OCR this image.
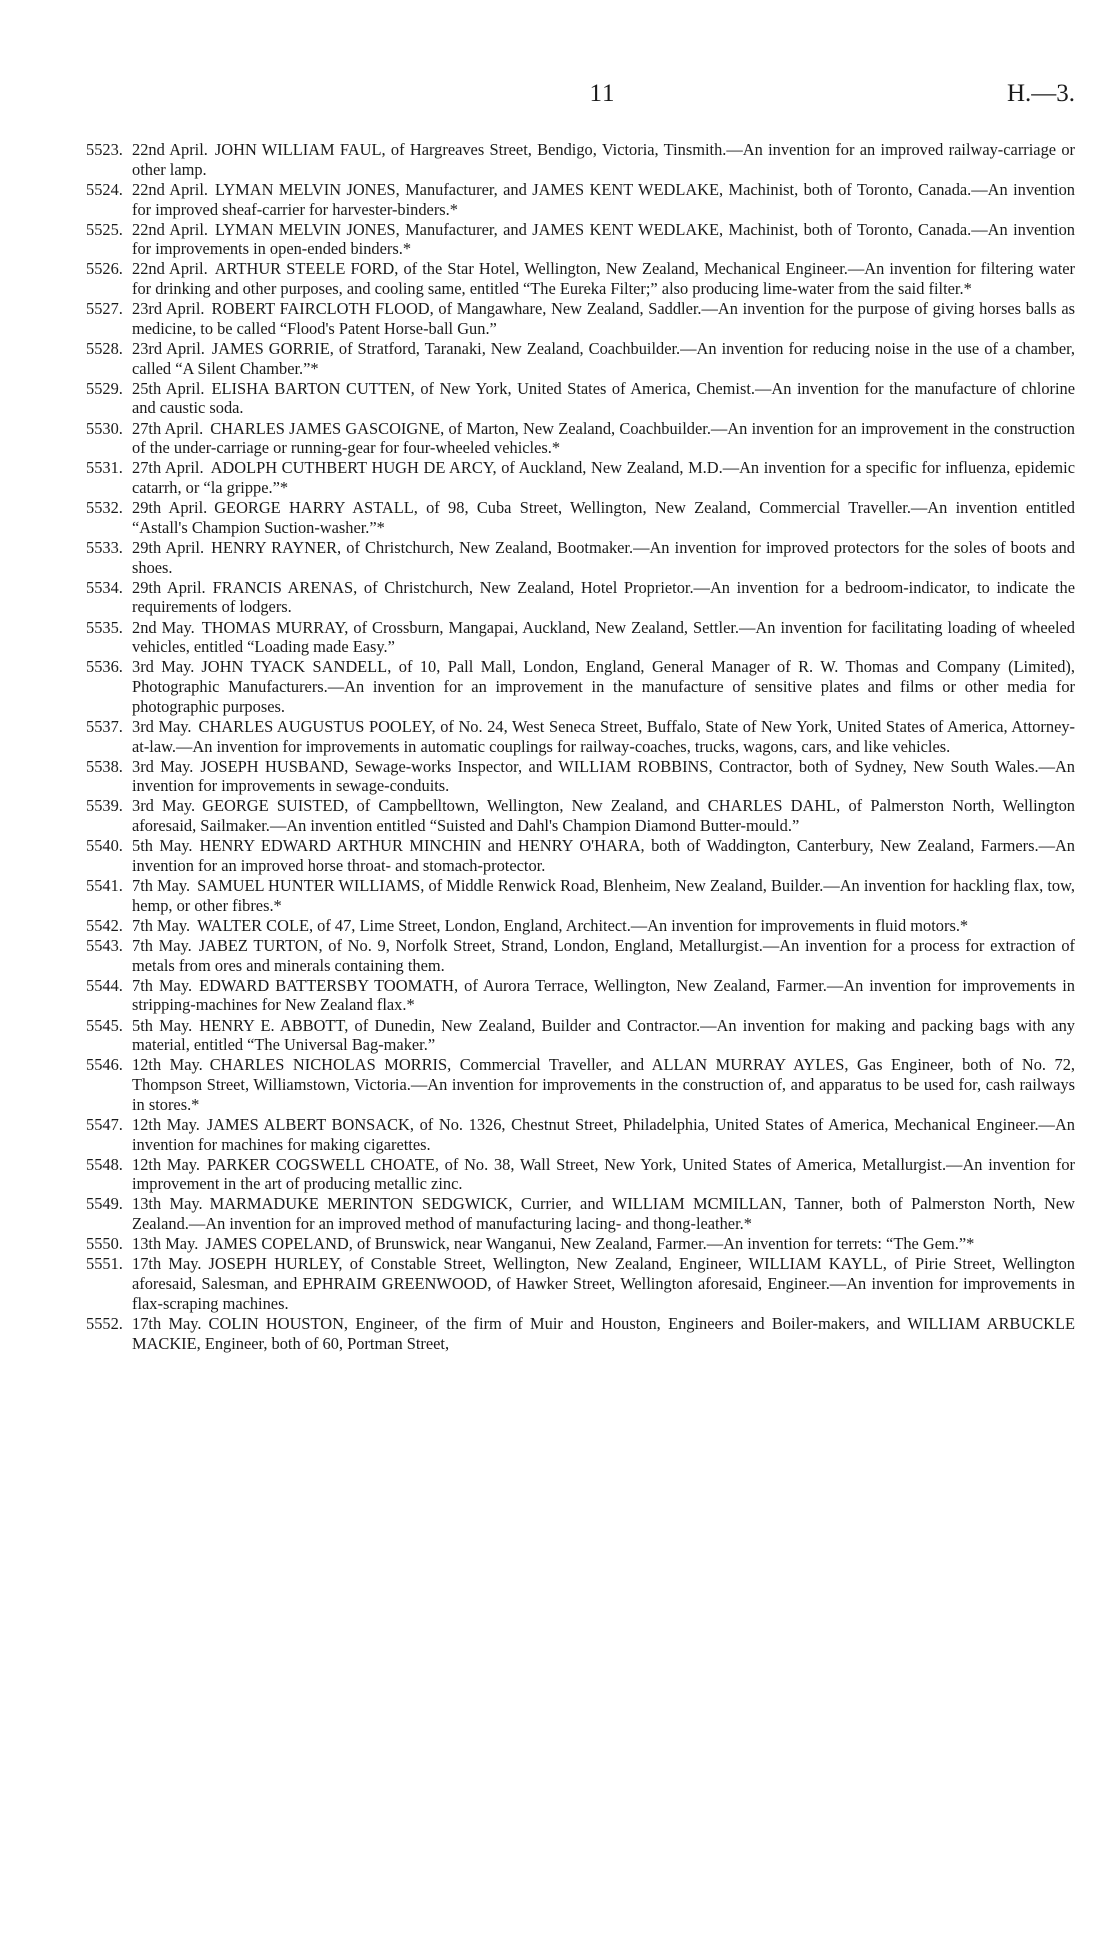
11	H.—3.
5523. 22nd April. JOHN WILLIAM FAUL, of Hargreaves Street, Bendigo, Victoria, Tinsmith.—An invention for an improved railway-carriage or other lamp.
5524. 22nd April. LYMAN MELVIN JONES, Manufacturer, and JAMES KENT WEDLAKE, Machinist, both of Toronto, Canada.—An invention for improved sheaf-carrier for harvester-binders.*
5525. 22nd April. LYMAN MELVIN JONES, Manufacturer, and JAMES KENT WEDLAKE, Machinist, both of Toronto, Canada.—An invention for improvements in open-ended binders.*
5526. 22nd April. ARTHUR STEELE FORD, of the Star Hotel, Wellington, New Zealand, Mechanical Engineer.—An invention for filtering water for drinking and other purposes, and cooling same, entitled “The Eureka Filter;” also producing lime-water from the said filter.*
5527. 23rd April. ROBERT FAIRCLOTH FLOOD, of Mangawhare, New Zealand, Saddler.—An invention for the purpose of giving horses balls as medicine, to be called “Flood's Patent Horse-ball Gun.”
5528. 23rd April. JAMES GORRIE, of Stratford, Taranaki, New Zealand, Coachbuilder.—An invention for reducing noise in the use of a chamber, called “A Silent Chamber.”*
5529. 25th April. ELISHA BARTON CUTTEN, of New York, United States of America, Chemist.—An invention for the manufacture of chlorine and caustic soda.
5530. 27th April. CHARLES JAMES GASCOIGNE, of Marton, New Zealand, Coachbuilder.—An invention for an improvement in the construction of the under-carriage or running-gear for four-wheeled vehicles.*
5531. 27th April. ADOLPH CUTHBERT HUGH DE ARCY, of Auckland, New Zealand, M.D.—An invention for a specific for influenza, epidemic catarrh, or “la grippe.”*
5532. 29th April. GEORGE HARRY ASTALL, of 98, Cuba Street, Wellington, New Zealand, Commercial Traveller.—An invention entitled “Astall's Champion Suction-washer.”*
5533. 29th April. HENRY RAYNER, of Christchurch, New Zealand, Bootmaker.—An invention for improved protectors for the soles of boots and shoes.
5534. 29th April. FRANCIS ARENAS, of Christchurch, New Zealand, Hotel Proprietor.—An invention for a bedroom-indicator, to indicate the requirements of lodgers.
5535. 2nd May. THOMAS MURRAY, of Crossburn, Mangapai, Auckland, New Zealand, Settler.—An invention for facilitating loading of wheeled vehicles, entitled “Loading made Easy.”
5536. 3rd May. JOHN TYACK SANDELL, of 10, Pall Mall, London, England, General Manager of R. W. Thomas and Company (Limited), Photographic Manufacturers.—An invention for an improvement in the manufacture of sensitive plates and films or other media for photographic purposes.
5537. 3rd May. CHARLES AUGUSTUS POOLEY, of No. 24, West Seneca Street, Buffalo, State of New York, United States of America, Attorney-at-law.—An invention for improvements in automatic couplings for railway-coaches, trucks, wagons, cars, and like vehicles.
5538. 3rd May. JOSEPH HUSBAND, Sewage-works Inspector, and WILLIAM ROBBINS, Contractor, both of Sydney, New South Wales.—An invention for improvements in sewage-conduits.
5539. 3rd May. GEORGE SUISTED, of Campbelltown, Wellington, New Zealand, and CHARLES DAHL, of Palmerston North, Wellington aforesaid, Sailmaker.—An invention entitled “Suisted and Dahl's Champion Diamond Butter-mould.”
5540. 5th May. HENRY EDWARD ARTHUR MINCHIN and HENRY O'HARA, both of Waddington, Canterbury, New Zealand, Farmers.—An invention for an improved horse throat- and stomach-protector.
5541. 7th May. SAMUEL HUNTER WILLIAMS, of Middle Renwick Road, Blenheim, New Zealand, Builder.—An invention for hackling flax, tow, hemp, or other fibres.*
5542. 7th May. WALTER COLE, of 47, Lime Street, London, England, Architect.—An invention for improvements in fluid motors.*
5543. 7th May. JABEZ TURTON, of No. 9, Norfolk Street, Strand, London, England, Metallurgist.—An invention for a process for extraction of metals from ores and minerals containing them.
5544. 7th May. EDWARD BATTERSBY TOOMATH, of Aurora Terrace, Wellington, New Zealand, Farmer.—An invention for improvements in stripping-machines for New Zealand flax.*
5545. 5th May. HENRY E. ABBOTT, of Dunedin, New Zealand, Builder and Contractor.—An invention for making and packing bags with any material, entitled “The Universal Bag-maker.”
5546. 12th May. CHARLES NICHOLAS MORRIS, Commercial Traveller, and ALLAN MURRAY AYLES, Gas Engineer, both of No. 72, Thompson Street, Williamstown, Victoria.—An invention for improvements in the construction of, and apparatus to be used for, cash railways in stores.*
5547. 12th May. JAMES ALBERT BONSACK, of No. 1326, Chestnut Street, Philadelphia, United States of America, Mechanical Engineer.—An invention for machines for making cigarettes.
5548. 12th May. PARKER COGSWELL CHOATE, of No. 38, Wall Street, New York, United States of America, Metallurgist.—An invention for improvement in the art of producing metallic zinc.
5549. 13th May. MARMADUKE MERINTON SEDGWICK, Currier, and WILLIAM MCMILLAN, Tanner, both of Palmerston North, New Zealand.—An invention for an improved method of manufacturing lacing- and thong-leather.*
5550. 13th May. JAMES COPELAND, of Brunswick, near Wanganui, New Zealand, Farmer.—An invention for terrets: “The Gem.”*
5551. 17th May. JOSEPH HURLEY, of Constable Street, Wellington, New Zealand, Engineer, WILLIAM KAYLL, of Pirie Street, Wellington aforesaid, Salesman, and EPHRAIM GREENWOOD, of Hawker Street, Wellington aforesaid, Engineer.—An invention for improvements in flax-scraping machines.
5552. 17th May. COLIN HOUSTON, Engineer, of the firm of Muir and Houston, Engineers and Boiler-makers, and WILLIAM ARBUCKLE MACKIE, Engineer, both of 60, Portman Street,
